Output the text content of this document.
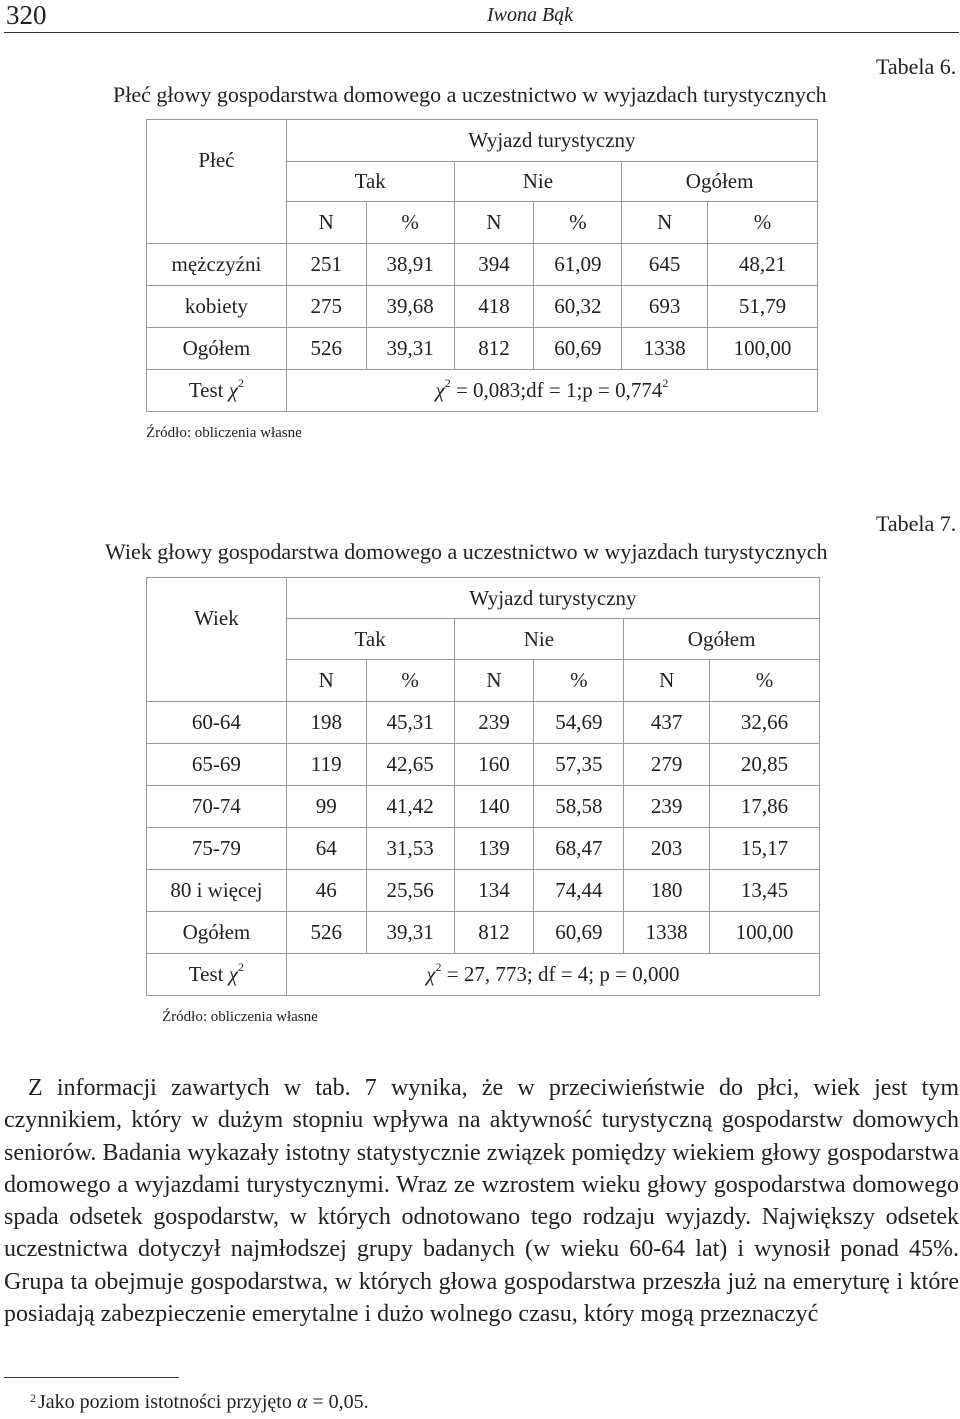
320	Iwona Bąk
Tabela 6.
Płeć głowy gospodarstwa domowego a uczestnictwo w wyjazdach turystycznych
Płeć	Wyjazd turystyczny					
	Tak		Nie		Ogółem	
	N	%	N	%	N	%
mężczyźni	251	38,91	394	61,09	645	48,21
kobiety	275	39,68	418	60,32	693	51,79
Ogółem	526	39,31	812	60,69	1338	100,00
Test $\chi^2$	$\chi^2$ = 0,083;df = 1;p = $0,774^2$
Źródło: obliczenia własne
Tabela 7.
Wiek głowy gospodarstwa domowego a uczestnictwo w wyjazdach turystycznych
Wiek	Wyjazd turystyczny					
	Tak		Nie		Ogółem	
	N	%	N	%	N	%
60-64	198	45,31	239	54,69	437	32,66
65-69	119	42,65	160	57,35	279	20,85
70-74	99	41,42	140	58,58	239	17,86
75-79	64	31,53	139	68,47	203	15,17
80 i więcej	46	25,56	134	74,44	180	13,45
Ogółem	526	39,31	812	60,69	1338	100,00
Test $\chi^2$	$\chi^2 = 27$, 773; df = 4; p = 0,000					
Źródło: obliczenia własne
Z informacji zawartych w tab. 7 wynika, że w przeciwieństwie do płci, wiek jest tym czynnikiem, który w dużym stopniu wpływa na aktywność turystyczną gospodarstw domowych seniorów. Badania wykazały istotny statystycznie związek pomiędzy wiekiem głowy gospodarstwa domowego a wyjazdami turystycznymi. Wraz ze wzrostem wieku głowy gospodarstwa domowego spada odsetek gospodarstw, w których odnotowano tego rodzaju wyjazdy. Największy odsetek uczestnictwa dotyczył najmłodszej grupy badanych (w wieku 60-64 lat) i wynosił ponad 45%. Grupa ta obejmuje gospodarstwa, w których głowa gospodarstwa przeszła już na emeryturę i które posiadają zabezpieczenie emerytalne i dużo wolnego czasu, który mogą przeznaczyć
2 Jako poziom istotności przyjęto α = 0,05.
